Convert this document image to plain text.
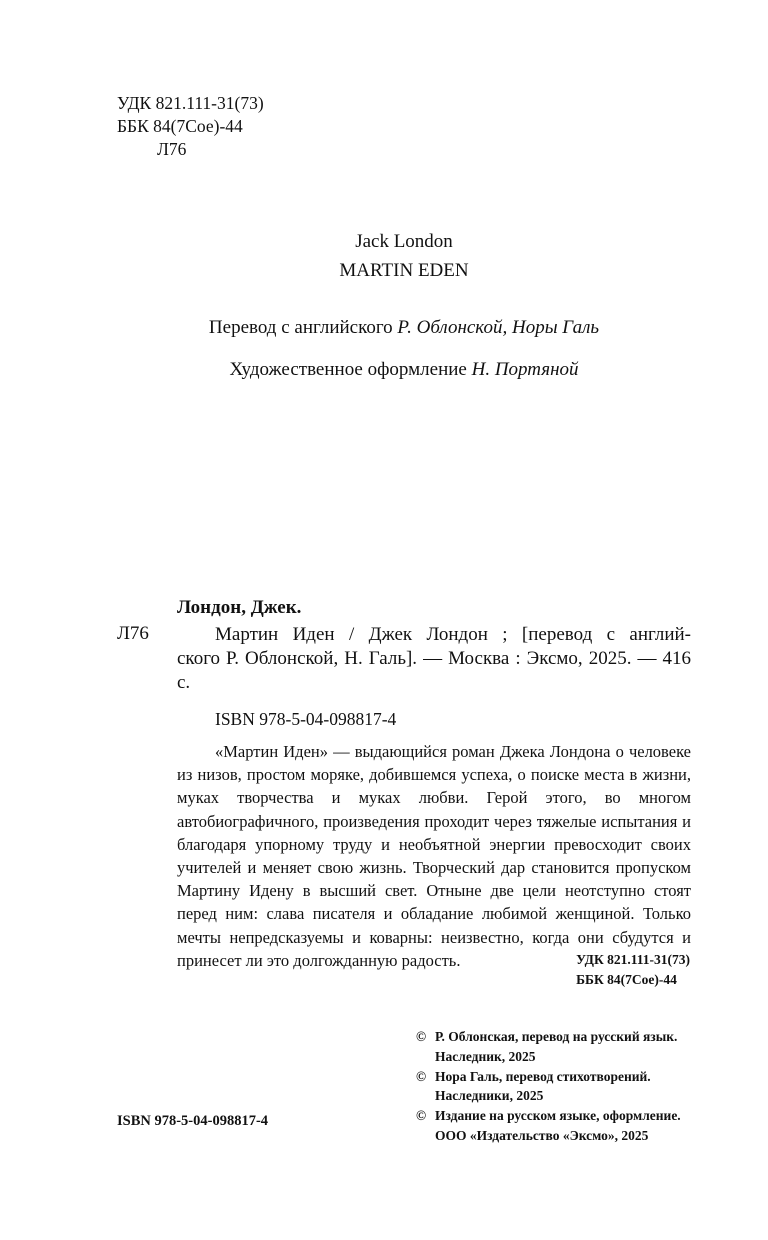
УДК 821.111-31(73)
ББК 84(7Сое)-44
Л76
Jack London
MARTIN EDEN
Перевод с английского Р. Облонской, Норы Галь
Художественное оформление Н. Портяной
Лондон, Джек.
Л76	Мартин Иден / Джек Лондон ; [перевод с англий-
ского Р. Облонской, Н. Галь]. — Москва : Эксмо, 2025. — 416 с.
ISBN 978-5-04-098817-4
«Мартин Иден» — выдающийся роман Джека Лондона о человеке из низов, простом моряке, добившемся успеха, о поиске места в жизни, муках творчества и муках любви. Герой этого, во многом автобиографичного, произведения проходит через тяжелые испытания и благодаря упорному труду и необъятной энергии превосходит своих учителей и меняет свою жизнь. Творческий дар становится пропуском Мартину Идену в высший свет. Отныне две цели неотступно стоят перед ним: слава писателя и обладание любимой женщиной. Только мечты непредсказуемы и коварны: неизвестно, когда они сбудутся и принесет ли это долгожданную радость.	УДК 821.111-31(73)
ББК 84(7Сое)-44
© Р. Облонская, перевод на русский язык.
Наследник, 2025
© Нора Галь, перевод стихотворений.
Наследники, 2025
© Издание на русском языке, оформление.
ООО «Издательство «Эксмо», 2025
ISBN 978-5-04-098817-4
